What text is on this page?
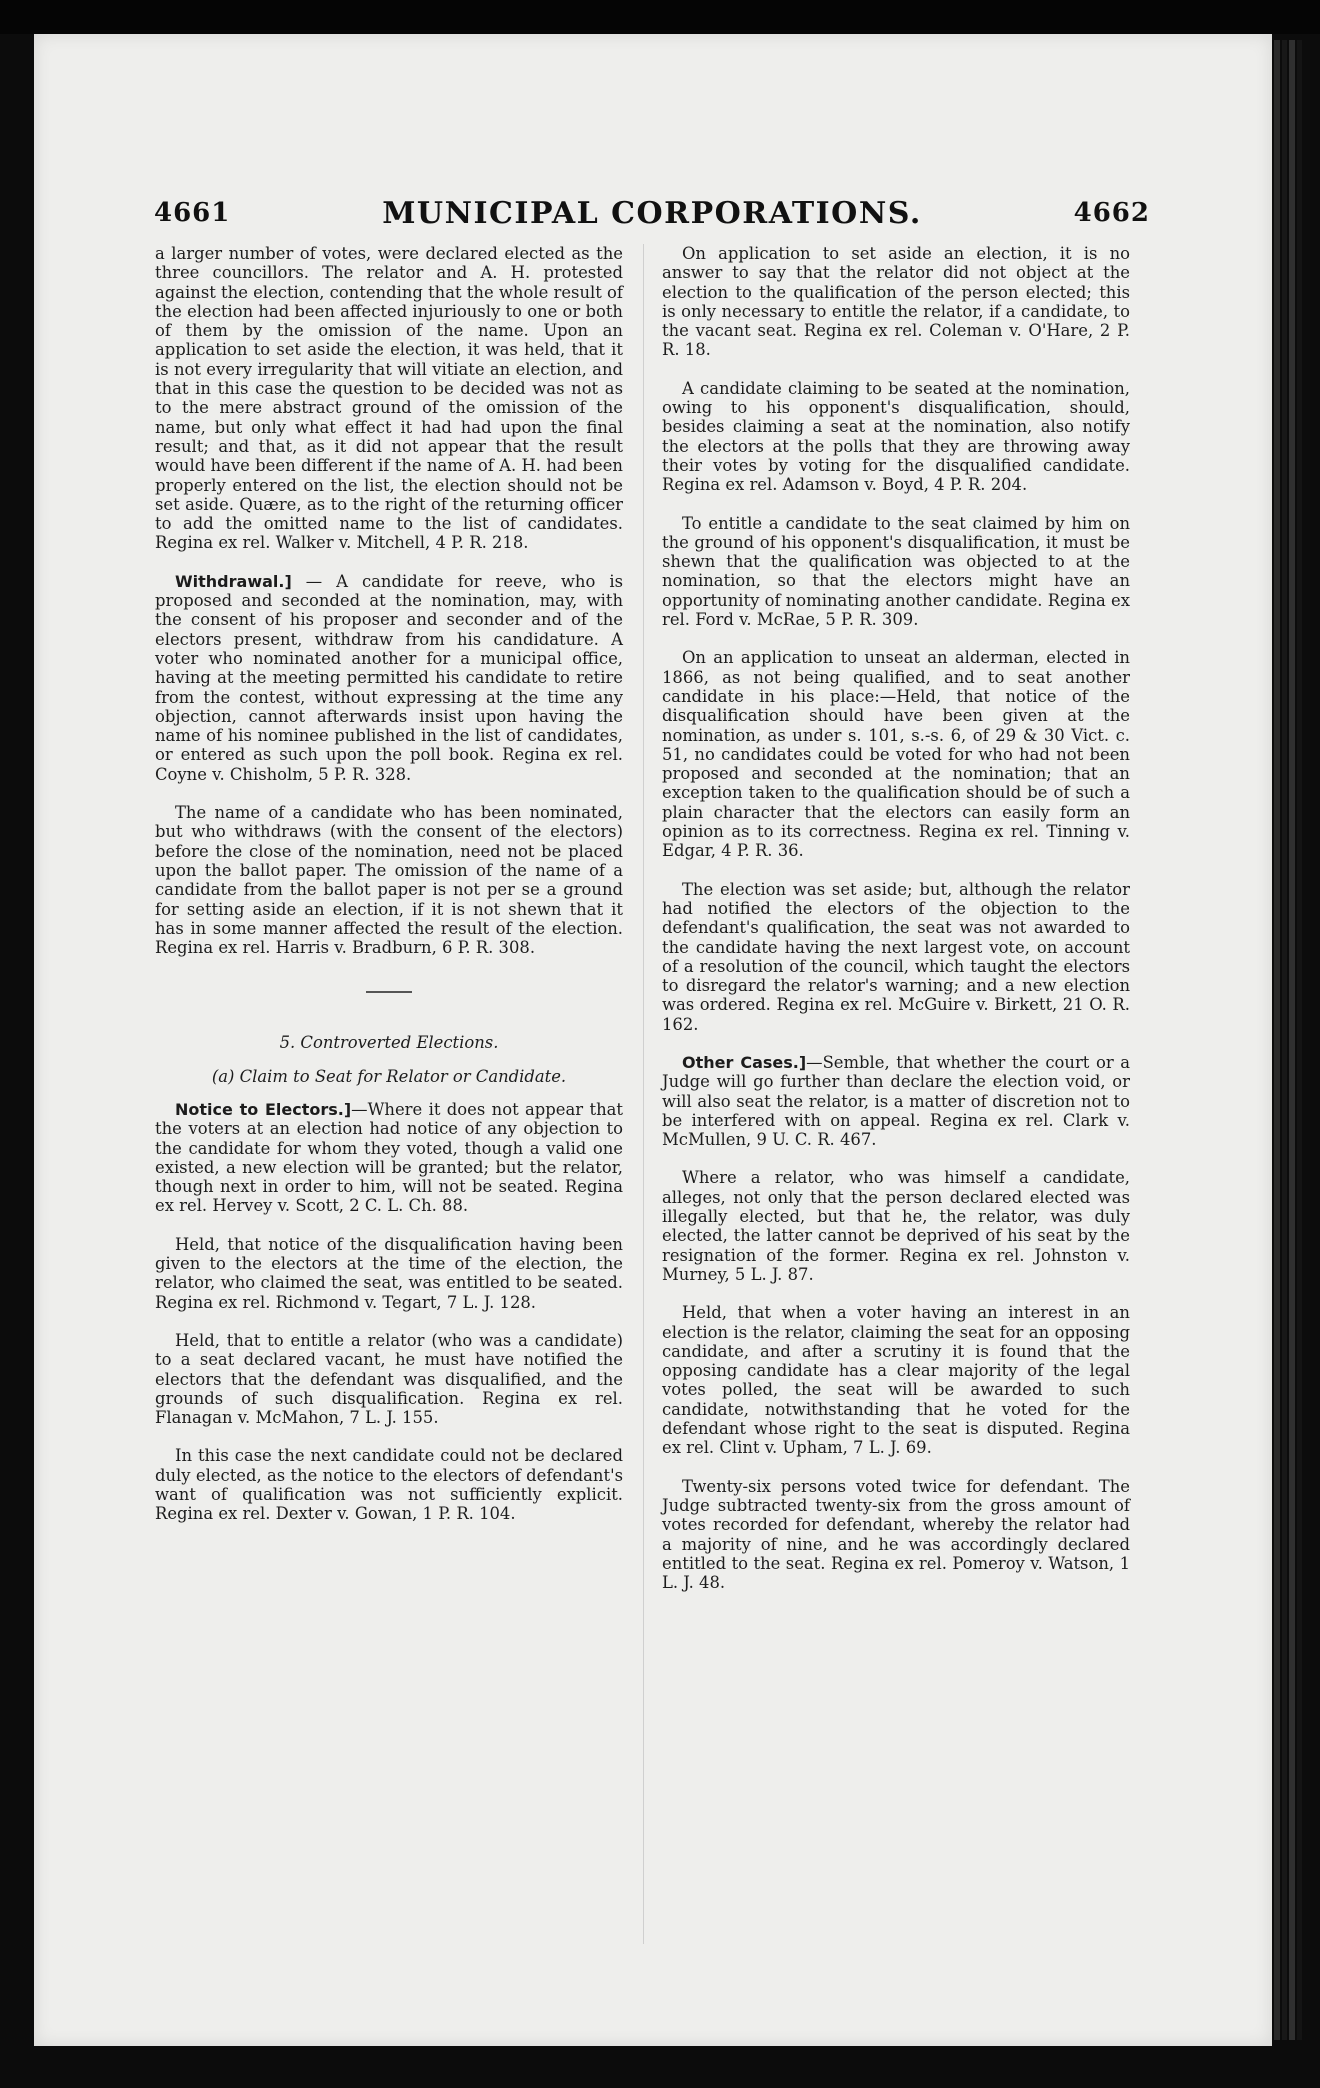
4661	MUNICIPAL CORPORATIONS.	4662

a larger number of votes, were declared elected as the three councillors. The relator and A. H. protested against the election, contending that the whole result of the election had been affected injuriously to one or both of them by the omission of the name. Upon an application to set aside the election, it was held, that it is not every irregularity that will vitiate an election, and that in this case the question to be decided was not as to the mere abstract ground of the omission of the name, but only what effect it had had upon the final result; and that, as it did not appear that the result would have been different if the name of A. H. had been properly entered on the list, the election should not be set aside. Quære, as to the right of the returning officer to add the omitted name to the list of candidates. Regina ex rel. Walker v. Mitchell, 4 P. R. 218.

Withdrawal.] — A candidate for reeve, who is proposed and seconded at the nomination, may, with the consent of his proposer and seconder and of the electors present, withdraw from his candidature. A voter who nominated another for a municipal office, having at the meeting permitted his candidate to retire from the contest, without expressing at the time any objection, cannot afterwards insist upon having the name of his nominee published in the list of candidates, or entered as such upon the poll book. Regina ex rel. Coyne v. Chisholm, 5 P. R. 328.

The name of a candidate who has been nominated, but who withdraws (with the consent of the electors) before the close of the nomination, need not be placed upon the ballot paper. The omission of the name of a candidate from the ballot paper is not per se a ground for setting aside an election, if it is not shewn that it has in some manner affected the result of the election. Regina ex rel. Harris v. Bradburn, 6 P. R. 308.

5. Controverted Elections.

(a) Claim to Seat for Relator or Candidate.

Notice to Electors.]—Where it does not appear that the voters at an election had notice of any objection to the candidate for whom they voted, though a valid one existed, a new election will be granted; but the relator, though next in order to him, will not be seated. Regina ex rel. Hervey v. Scott, 2 C. L. Ch. 88.

Held, that notice of the disqualification having been given to the electors at the time of the election, the relator, who claimed the seat, was entitled to be seated. Regina ex rel. Richmond v. Tegart, 7 L. J. 128.

Held, that to entitle a relator (who was a candidate) to a seat declared vacant, he must have notified the electors that the defendant was disqualified, and the grounds of such disqualification. Regina ex rel. Flanagan v. McMahon, 7 L. J. 155.

In this case the next candidate could not be declared duly elected, as the notice to the electors of defendant's want of qualification was not sufficiently explicit. Regina ex rel. Dexter v. Gowan, 1 P. R. 104.

On application to set aside an election, it is no answer to say that the relator did not object at the election to the qualification of the person elected; this is only necessary to entitle the relator, if a candidate, to the vacant seat. Regina ex rel. Coleman v. O'Hare, 2 P. R. 18.

A candidate claiming to be seated at the nomination, owing to his opponent's disqualification, should, besides claiming a seat at the nomination, also notify the electors at the polls that they are throwing away their votes by voting for the disqualified candidate. Regina ex rel. Adamson v. Boyd, 4 P. R. 204.

To entitle a candidate to the seat claimed by him on the ground of his opponent's disqualification, it must be shewn that the qualification was objected to at the nomination, so that the electors might have an opportunity of nominating another candidate. Regina ex rel. Ford v. McRae, 5 P. R. 309.

On an application to unseat an alderman, elected in 1866, as not being qualified, and to seat another candidate in his place:—Held, that notice of the disqualification should have been given at the nomination, as under s. 101, s.-s. 6, of 29 & 30 Vict. c. 51, no candidates could be voted for who had not been proposed and seconded at the nomination; that an exception taken to the qualification should be of such a plain character that the electors can easily form an opinion as to its correctness. Regina ex rel. Tinning v. Edgar, 4 P. R. 36.

The election was set aside; but, although the relator had notified the electors of the objection to the defendant's qualification, the seat was not awarded to the candidate having the next largest vote, on account of a resolution of the council, which taught the electors to disregard the relator's warning; and a new election was ordered. Regina ex rel. McGuire v. Birkett, 21 O. R. 162.

Other Cases.]—Semble, that whether the court or a Judge will go further than declare the election void, or will also seat the relator, is a matter of discretion not to be interfered with on appeal. Regina ex rel. Clark v. McMullen, 9 U. C. R. 467.

Where a relator, who was himself a candidate, alleges, not only that the person declared elected was illegally elected, but that he, the relator, was duly elected, the latter cannot be deprived of his seat by the resignation of the former. Regina ex rel. Johnston v. Murney, 5 L. J. 87.

Held, that when a voter having an interest in an election is the relator, claiming the seat for an opposing candidate, and after a scrutiny it is found that the opposing candidate has a clear majority of the legal votes polled, the seat will be awarded to such candidate, notwithstanding that he voted for the defendant whose right to the seat is disputed. Regina ex rel. Clint v. Upham, 7 L. J. 69.

Twenty-six persons voted twice for defendant. The Judge subtracted twenty-six from the gross amount of votes recorded for defendant, whereby the relator had a majority of nine, and he was accordingly declared entitled to the seat. Regina ex rel. Pomeroy v. Watson, 1 L. J. 48.
